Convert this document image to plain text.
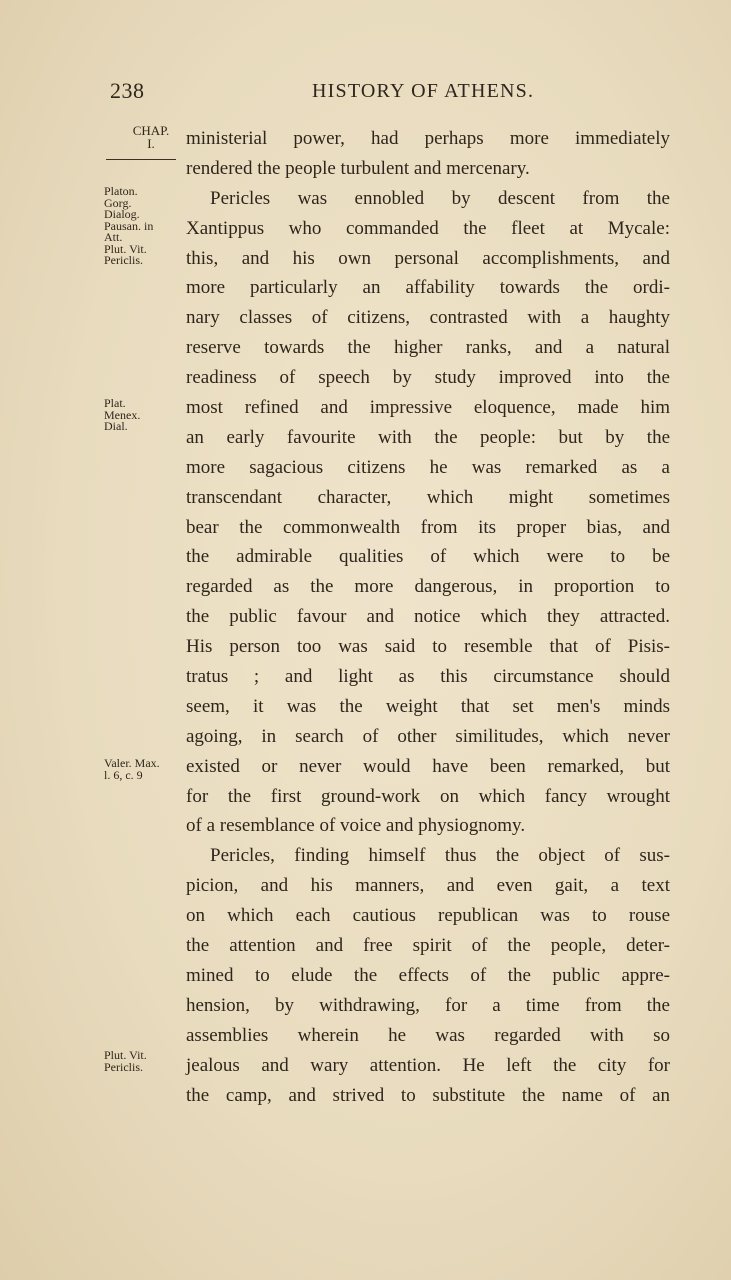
238	HISTORY OF ATHENS.
CHAP.
I.
Platon.
Gorg.
Dialog.
Pausan. in
Att.
Plut. Vit.
Periclis.
Plat.
Menex.
Dial.
Valer. Max.
l. 6, c. 9
Plut. Vit.
Periclis.
ministerial power, had perhaps more immediately
rendered the people turbulent and mercenary.
Pericles was ennobled by descent from the
Xantippus who commanded the fleet at Mycale:
this, and his own personal accomplishments, and
more particularly an affability towards the ordi-
nary classes of citizens, contrasted with a haughty
reserve towards the higher ranks, and a natural
readiness of speech by study improved into the
most refined and impressive eloquence, made him
an early favourite with the people: but by the
more sagacious citizens he was remarked as a
transcendant character, which might sometimes
bear the commonwealth from its proper bias, and
the admirable qualities of which were to be
regarded as the more dangerous, in proportion to
the public favour and notice which they attracted.
His person too was said to resemble that of Pisis-
tratus ; and light as this circumstance should
seem, it was the weight that set men's minds
agoing, in search of other similitudes, which never
existed or never would have been remarked, but
for the first ground-work on which fancy wrought
of a resemblance of voice and physiognomy.
Pericles, finding himself thus the object of sus-
picion, and his manners, and even gait, a text
on which each cautious republican was to rouse
the attention and free spirit of the people, deter-
mined to elude the effects of the public appre-
hension, by withdrawing, for a time from the
assemblies wherein he was regarded with so
jealous and wary attention. He left the city for
the camp, and strived to substitute the name of an
